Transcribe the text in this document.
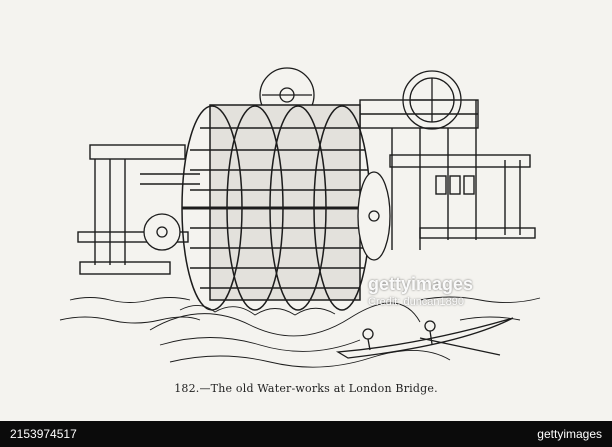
182.—The old Water-works at London Bridge.
gettyimages
Credit: duncan1890
2153974517	gettyimages
